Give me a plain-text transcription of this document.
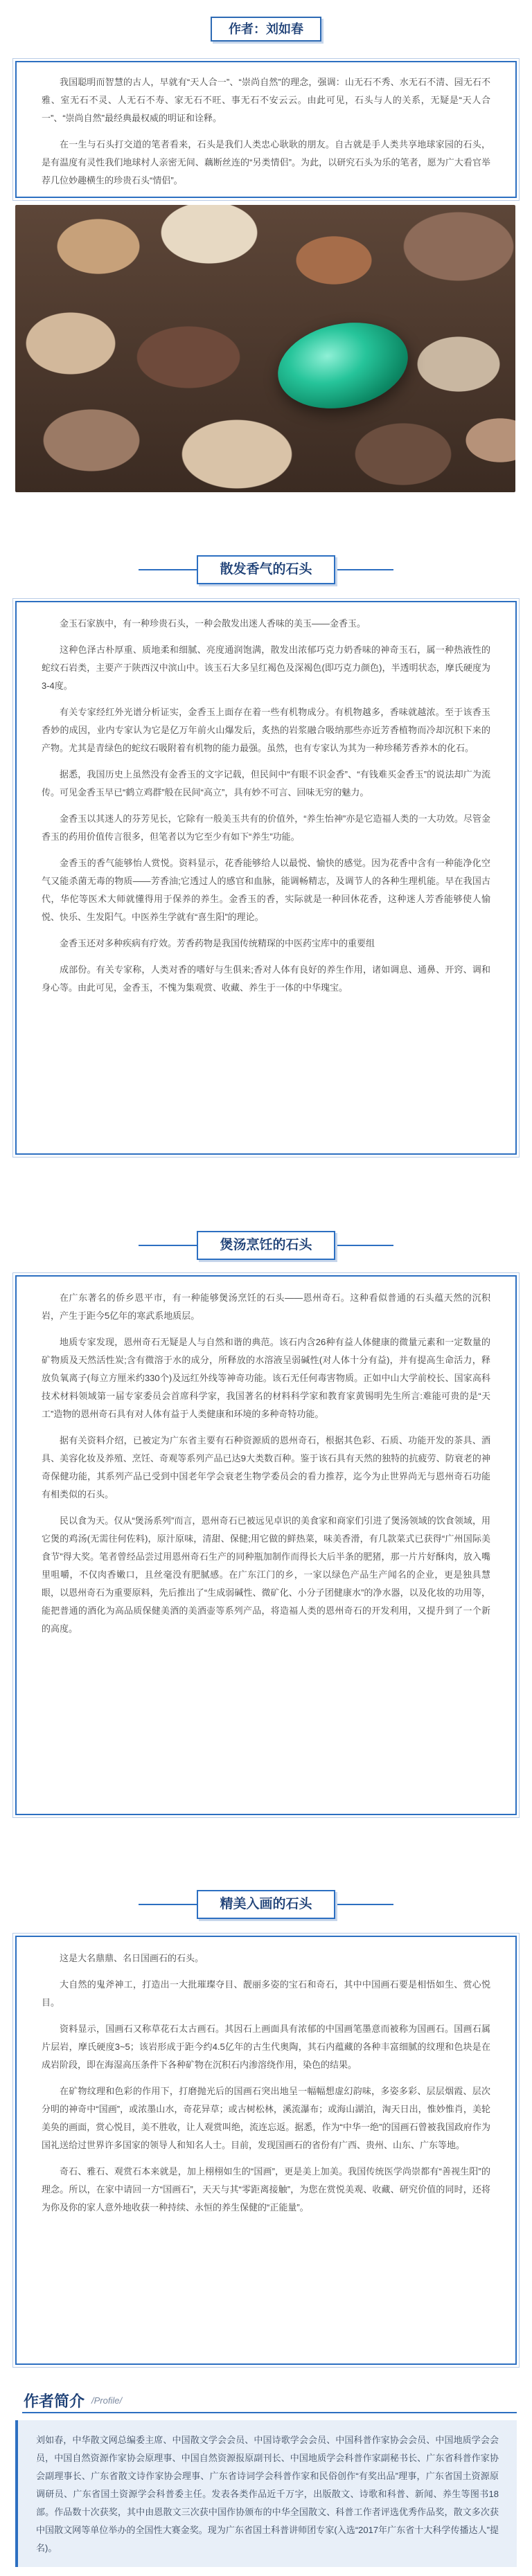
作者：刘如春

我国聪明而智慧的古人，早就有“天人合一”、“崇尚自然”的理念，强调：山无石不秀、水无石不清、园无石不雅、室无石不灵、人无石不寿、家无石不旺、事无石不安云云。由此可见，石头与人的关系，无疑是“天人合一”、“崇尚自然”最经典最权威的明证和诠释。

在一生与石头打交道的笔者看来，石头是我们人类忠心耿耿的朋友。自古就是手人类共享地球家园的石头，是有温度有灵性我们地球村人亲密无间、藕断丝连的“另类情侣”。为此，以研究石头为乐的笔者，愿为广大看官举荐几位妙趣横生的珍贵石头“情侣”。

散发香气的石头

金玉石家族中，有一种珍贵石头，一种会散发出迷人香味的美玉——金香玉。

这种色泽古朴厚重、质地柔和细腻、亮度通润饱满，散发出浓郁巧克力奶香味的神奇玉石，属一种热液性的蛇纹石岩类，主要产于陕西汉中滨山中。该玉石大多呈红褐色及深褐色(即巧克力颜色)，半透明状态，摩氏硬度为3-4度。

有关专家经红外光谱分析证实，金香玉上面存在着一些有机物成分。有机物越多，香味就越浓。至于该香玉香妙的成因，业内专家认为它是亿万年前火山爆发后，炙热的岩浆融合吸纳那些亦近芳香植物而冷却沉积下来的产物。尤其是青绿色的蛇纹石吸附着有机物的能力最强。虽然，也有专家认为其为一种珍稀芳香养木的化石。

据悉，我国历史上虽然没有金香玉的文字记载，但民间中“有眼不识金香”、“有钱难买金香玉”的说法却广为流传。可见金香玉早已“鹤立鸡群”般在民间“高立”，具有妙不可言、回味无穷的魅力。

金香玉以其迷人的芬芳见长，它除有一般美玉共有的价值外，“养生怡神”亦是它造福人类的一大功效。尽管金香玉的药用价值传言很多，但笔者以为它至少有如下“养生”功能。

金香玉的香气能够怡人赏悦。资料显示，花香能够给人以最悦、愉快的感觉。因为花香中含有一种能净化空气又能杀菌无毒的物质——芳香油;它透过人的感官和血脉，能调畅精志，及调节人的各种生理机能。早在我国古代，华佗等医术大师就懂得用于保养的养生。金香玉的香，实际就是一种回休花香，这种迷人芳香能够使人愉悦、快乐、生发阳气。中医养生学就有“喜生阳”的理论。

金香玉还对多种疾病有疗效。芳香药物是我国传统精琛的中医药宝库中的重要组

成部份。有关专家称，人类对香的嗜好与生俱来;香对人体有良好的养生作用，诸如调息、通鼻、开窍、调和身心等。由此可见，金香玉，不愧为集观赏、收藏、养生于一体的中华瑰宝。

煲汤烹饪的石头

在广东著名的侨乡恩平市，有一种能够煲汤烹饪的石头——恩州奇石。这种看似普通的石头蕴天然的沉积岩，产生于距今5亿年的寒武系地质层。

地质专家发现，恩州奇石无疑是人与自然和谐的典范。该石内含26种有益人体健康的微量元素和一定数量的矿物质及天然活性炭;含有微溶于水的成分，所释放的水溶液呈弱碱性(对人体十分有益)，并有提高生命活力，释放负氧离子(每立方厘米约330个)及远红外线等神奇功能。该石无任何毒害物质。正如中山大学前校长、国家高科技术材料领域第一届专家委员会首席科学家，我国著名的材料科学家和教育家黄锡明先生所言:难能可贵的是“天工”造物的恩州奇石具有对人体有益于人类健康和环境的多种奇特功能。

据有关资料介绍，已被定为广东省主要有石种资源质的恩州奇石，根据其色彩、石质、功能开发的茶具、酒具、美容化妆及养殖、烹饪、奇观等系列产品已达9大类数百种。鉴于该石具有天然的独特的抗疲劳、防衰老的神奇保健功能，其系列产品已受到中国老年学会衰老生物学委员会的看力推荐，迄今为止世界尚无与恩州奇石功能有相类似的石头。

民以食为天。仅从“煲汤系列”而言，恩州奇石已被远见卓识的美食家和商家们引进了煲汤领域的饮食领域，用它煲的鸡汤(无需往何佐料)，原汁原味，清甜、保健;用它做的鲜热菜，味美香滑，有几款菜式已获得“广州国际美食节”得大奖。笔者曾经品尝过用恩州奇石生产的同种瓶加制作而得长大后半条的肥猪，那一片片好酥肉，放入嘴里咀嚼，不仅肉香嫩口，且丝毫没有肥腻感。在广东江门的乡，一家以绿色产品生产闻名的企业，更是独具慧眼，以恩州奇石为重要原料，先后推出了“生成弱碱性、微矿化、小分子团健康水”的净水器，以及化妆的功用等，能把普通的酒化为高品质保健美酒的美酒壶等系列产品，将造福人类的恩州奇石的开发利用，又提升到了一个新的高度。

精美入画的石头

这是大名鼎鼎、名日国画石的石头。

大自然的鬼斧神工，打造出一大批璀璨夺目、靓丽多姿的宝石和奇石，其中中国画石要是相悟如生、赏心悦目。

资料显示，国画石又称草花石太古画石。其因石上画面具有浓郁的中国画笔墨意而被称为国画石。国画石属片层岩，摩氏硬度3~5；该岩形成于距今约4.5亿年的古生代奥陶，其石内蕴藏的各种丰富细腻的纹理和色块是在成岩阶段，即在海湿高压条件下各种矿物在沉积石内渗溶绕作用，染色的结果。

在矿物纹理和色彩的作用下，打磨抛光后的国画石突出地呈一幅幅想虚幻韵味，多姿多彩、层层烟霞、层次分明的神奇中“国画”，或浓墨山水，奇花异草；或古树松林，溪流瀑布；或海山湖泊，淘天日出，惟妙惟肖，美轮美奂的画面，赏心悦目，美不胜收，让人观赏叫绝，流连忘返。据悉，作为“中华一绝”的国画石曾被我国政府作为国礼送给过世界许多国家的领导人和知名人士。目前，发现国画石的省份有广西、贵州、山东、广东等地。

奇石、雅石、观赏石本来就是，加上栩栩如生的“国画”，更是美上加美。我国传统医学尚崇都有“善视生阳”的理念。所以，在家中请回一方“国画石”，天天与其“零距离接触”，为您在赏悦美观、收藏、研究价值的同时，还将为你及你的家人意外地收获一种持续、永恒的养生保健的“正能量”。

作者简介 /Profile/

刘如春，中华散文网总编委主席、中国散文学会会员、中国诗歌学会会员、中国科普作家协会会员、中国地质学会会员，中国自然资源作家协会原理事、中国自然资源报原副刊长、中国地质学会科普作家副秘书长、广东省科普作家协会副理事长、广东省散文诗作家协会理事、广东省诗词学会科普作家和民俗创作“有奖出品”理事，广东省国土资源原调研员、广东省国土资源学会科普委主任。发表各类作品近千万字，出版散文、诗歌和科普、新闻、养生等图书18部。作品数十次获奖，其中由恩散文三次获中国作协颁布的中华全国散文、科普工作者评选优秀作品奖，散文多次获中国散文网等单位举办的全国性大赛金奖。现为广东省国土科普讲师团专家(入选“2017年广东省十大科学传播达人”提名)。
